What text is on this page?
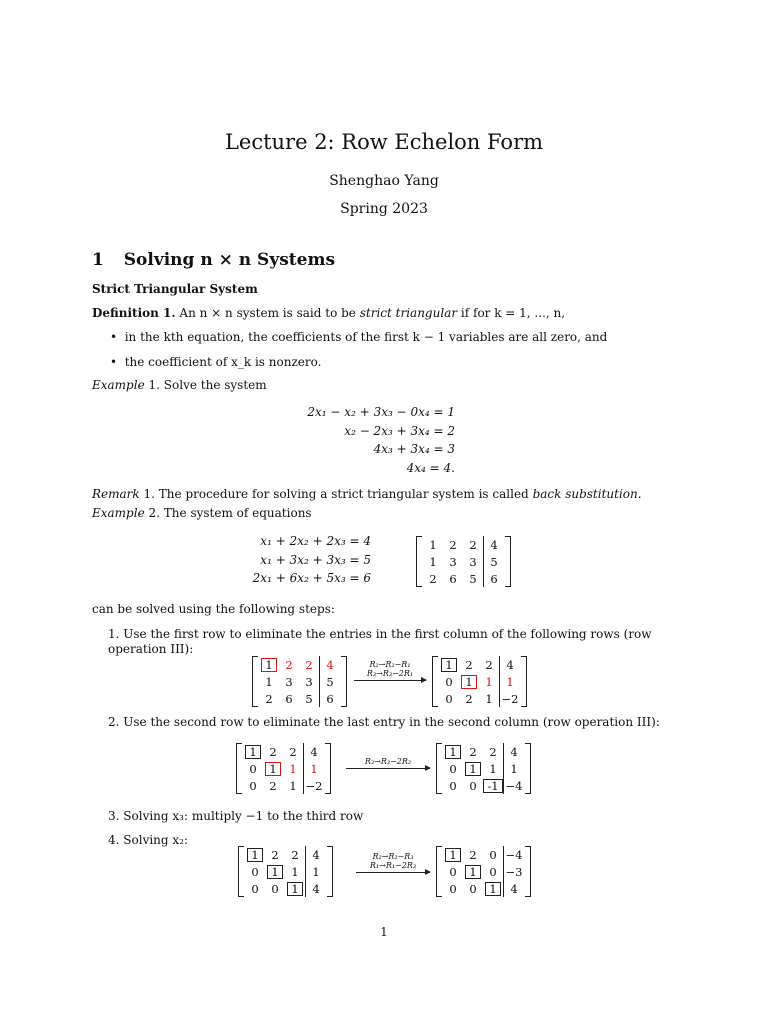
Lecture 2: Row Echelon Form
Shenghao Yang
Spring 2023
1 Solving n × n Systems
Strict Triangular System
Definition 1. An n × n system is said to be strict triangular if for k = 1, ..., n,
•  in the kth equation, the coefficients of the first k − 1 variables are all zero, and
•  the coefficient of x_k is nonzero.
Example 1. Solve the system
2x₁ − x₂ + 3x₃ − 0x₄ = 1
x₂ − 2x₃ + 3x₄ = 2
4x₃ + 3x₄ = 3
4x₄ = 4.
Remark 1. The procedure for solving a strict triangular system is called back substitution.
Example 2. The system of equations
x₁ + 2x₂ + 2x₃ = 4
x₁ + 3x₂ + 3x₃ = 5
2x₁ + 6x₂ + 5x₃ = 6
1	2	2	4
1	3	3	5
2	6	5	6
can be solved using the following steps:
1. Use the first row to eliminate the entries in the first column of the following rows (row operation III):
1	2	2	4
1	3	3	5
2	6	5	6
R₂→R₂−R₁
R₃→R₃−2R₁
1	2	2	4
0	1	1	1
0	2	1	−2
2. Use the second row to eliminate the last entry in the second column (row operation III):
1	2	2	4
0	1	1	1
0	2	1	−2
R₃→R₃−2R₂
1	2	2	4
0	1	1	1
0	0	-1	−4
3. Solving x₃: multiply −1 to the third row
4. Solving x₂:
1	2	2	4
0	1	1	1
0	0	1	4
R₂→R₂−R₃
R₁→R₁−2R₃
1	2	0	−4
0	1	0	−3
0	0	1	4
1
